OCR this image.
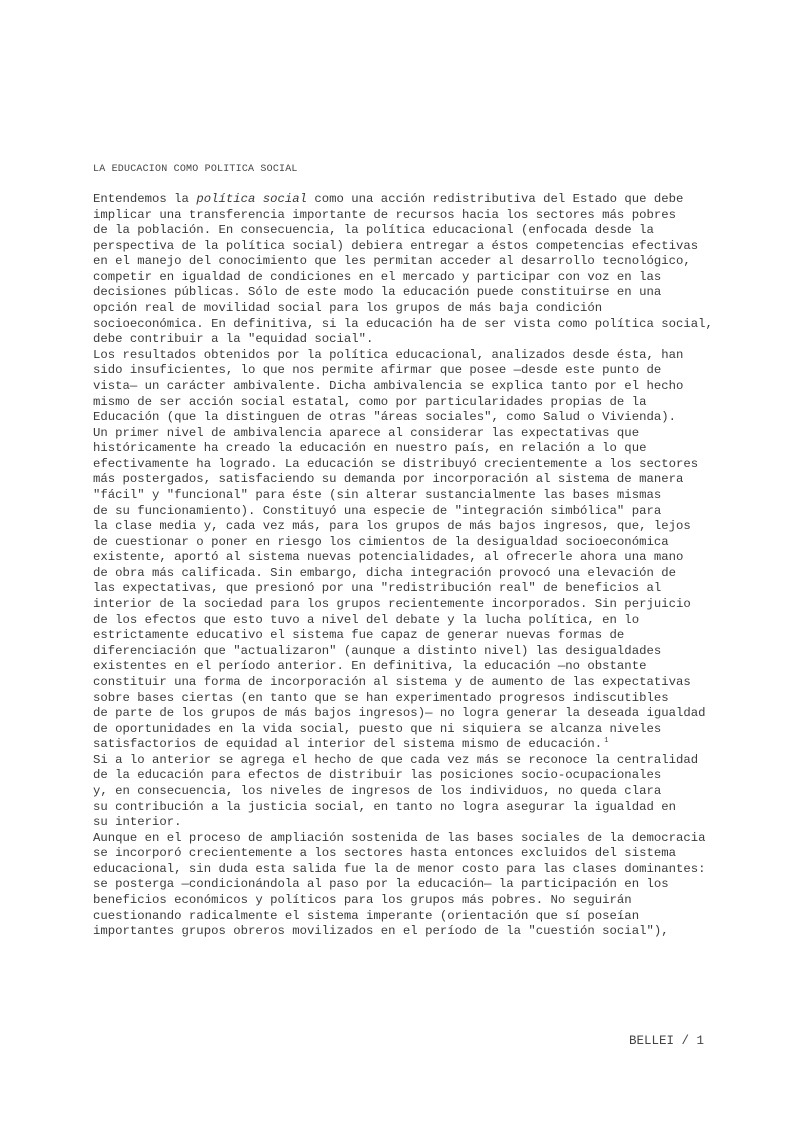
LA EDUCACION COMO POLITICA SOCIAL
Entendemos la política social como una acción redistributiva del Estado que debe
implicar una transferencia importante de recursos hacia los sectores más pobres
de la población. En consecuencia, la política educacional (enfocada desde la
perspectiva de la política social) debiera entregar a éstos competencias efectivas
en el manejo del conocimiento que les permitan acceder al desarrollo tecnológico,
competir en igualdad de condiciones en el mercado y participar con voz en las
decisiones públicas. Sólo de este modo la educación puede constituirse en una
opción real de movilidad social para los grupos de más baja condición
socioeconómica. En definitiva, si la educación ha de ser vista como política social,
debe contribuir a la "equidad social".
Los resultados obtenidos por la política educacional, analizados desde ésta, han
sido insuficientes, lo que nos permite afirmar que posee —desde este punto de
vista— un carácter ambivalente. Dicha ambivalencia se explica tanto por el hecho
mismo de ser acción social estatal, como por particularidades propias de la
Educación (que la distinguen de otras "áreas sociales", como Salud o Vivienda).
Un primer nivel de ambivalencia aparece al considerar las expectativas que
históricamente ha creado la educación en nuestro país, en relación a lo que
efectivamente ha logrado. La educación se distribuyó crecientemente a los sectores
más postergados, satisfaciendo su demanda por incorporación al sistema de manera
"fácil" y "funcional" para éste (sin alterar sustancialmente las bases mismas
de su funcionamiento). Constituyó una especie de "integración simbólica" para
la clase media y, cada vez más, para los grupos de más bajos ingresos, que, lejos
de cuestionar o poner en riesgo los cimientos de la desigualdad socioeconómica
existente, aportó al sistema nuevas potencialidades, al ofrecerle ahora una mano
de obra más calificada. Sin embargo, dicha integración provocó una elevación de
las expectativas, que presionó por una "redistribución real" de beneficios al
interior de la sociedad para los grupos recientemente incorporados. Sin perjuicio
de los efectos que esto tuvo a nivel del debate y la lucha política, en lo
estrictamente educativo el sistema fue capaz de generar nuevas formas de
diferenciación que "actualizaron" (aunque a distinto nivel) las desigualdades
existentes en el período anterior. En definitiva, la educación —no obstante
constituir una forma de incorporación al sistema y de aumento de las expectativas
sobre bases ciertas (en tanto que se han experimentado progresos indiscutibles
de parte de los grupos de más bajos ingresos)— no logra generar la deseada igualdad
de oportunidades en la vida social, puesto que ni siquiera se alcanza niveles
satisfactorios de equidad al interior del sistema mismo de educación. $^1$
Si a lo anterior se agrega el hecho de que cada vez más se reconoce la centralidad
de la educación para efectos de distribuir las posiciones socio-ocupacionales
y, en consecuencia, los niveles de ingresos de los individuos, no queda clara
su contribución a la justicia social, en tanto no logra asegurar la igualdad en
su interior.
Aunque en el proceso de ampliación sostenida de las bases sociales de la democracia
se incorporó crecientemente a los sectores hasta entonces excluidos del sistema
educacional, sin duda esta salida fue la de menor costo para las clases dominantes:
se posterga —condicionándola al paso por la educación— la participación en los
beneficios económicos y políticos para los grupos más pobres. No seguirán
cuestionando radicalmente el sistema imperante (orientación que sí poseían
importantes grupos obreros movilizados en el período de la "cuestión social"),
BELLEI / 1
